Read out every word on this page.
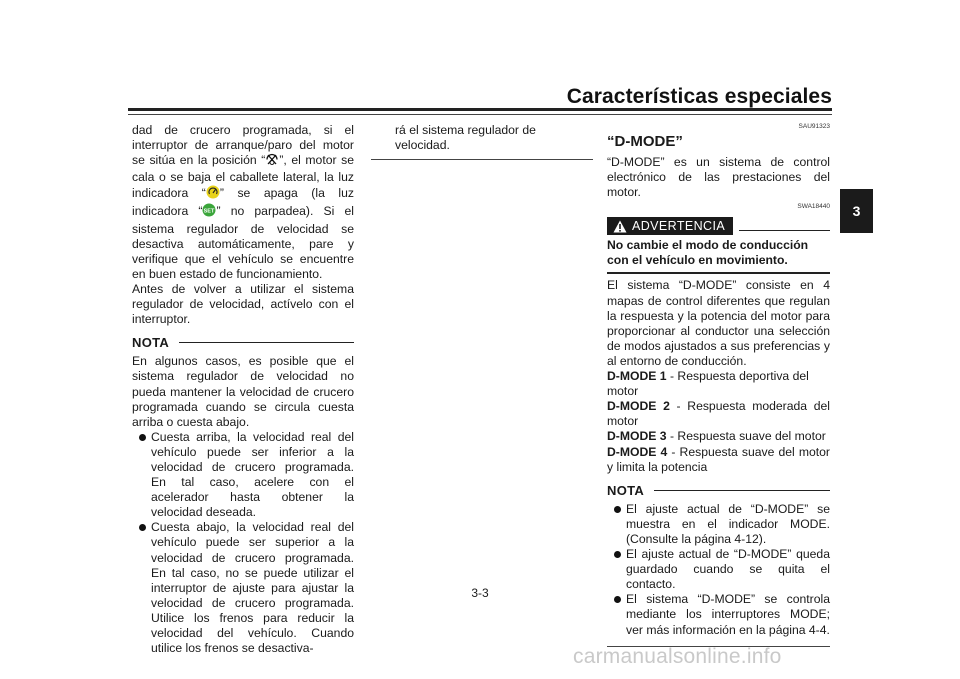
Características especiales
3

dad de crucero programada, si el interruptor de arranque/paro del motor se sitúa en la posición “ ”, el motor se cala o se baja el caballete lateral, la luz indicadora “ ” se apaga (la luz indicadora “ SET ” no parpadea). Si el sistema regulador de velocidad se desactiva automáticamente, pare y verifique que el vehículo se encuentre en buen estado de funcionamiento.

Antes de volver a utilizar el sistema regulador de velocidad, actívelo con el interruptor.

NOTA

En algunos casos, es posible que el sistema regulador de velocidad no pueda mantener la velocidad de crucero programada cuando se circula cuesta arriba o cuesta abajo.

Cuesta arriba, la velocidad real del vehículo puede ser inferior a la velocidad de crucero programada. En tal caso, acelere con el acelerador hasta obtener la velocidad deseada.
Cuesta abajo, la velocidad real del vehículo puede ser superior a la velocidad de crucero programada. En tal caso, no se puede utilizar el interruptor de ajuste para ajustar la velocidad de crucero programada. Utilice los frenos para reducir la velocidad del vehículo. Cuando utilice los frenos se desactiva-

rá el sistema regulador de velocidad.

SAU91323
“D-MODE”

“D-MODE” es un sistema de control electrónico de las prestaciones del motor.

SWA18440
ADVERTENCIA

No cambie el modo de conducción con el vehículo en movimiento.

El sistema “D-MODE” consiste en 4 mapas de control diferentes que regulan la respuesta y la potencia del motor para proporcionar al conductor una selección de modos ajustados a sus preferencias y al entorno de conducción.

D-MODE 1 - Respuesta deportiva del motor

D-MODE 2 - Respuesta moderada del motor

D-MODE 3 - Respuesta suave del motor

D-MODE 4 - Respuesta suave del motor y limita la potencia

NOTA
El ajuste actual de “D-MODE” se muestra en el indicador MODE. (Consulte la página 4-12).
El ajuste actual de “D-MODE” queda guardado cuando se quita el contacto.
El sistema “D-MODE” se controla mediante los interruptores MODE; ver más información en la página 4-4.
3-3
carmanualsonline.info
